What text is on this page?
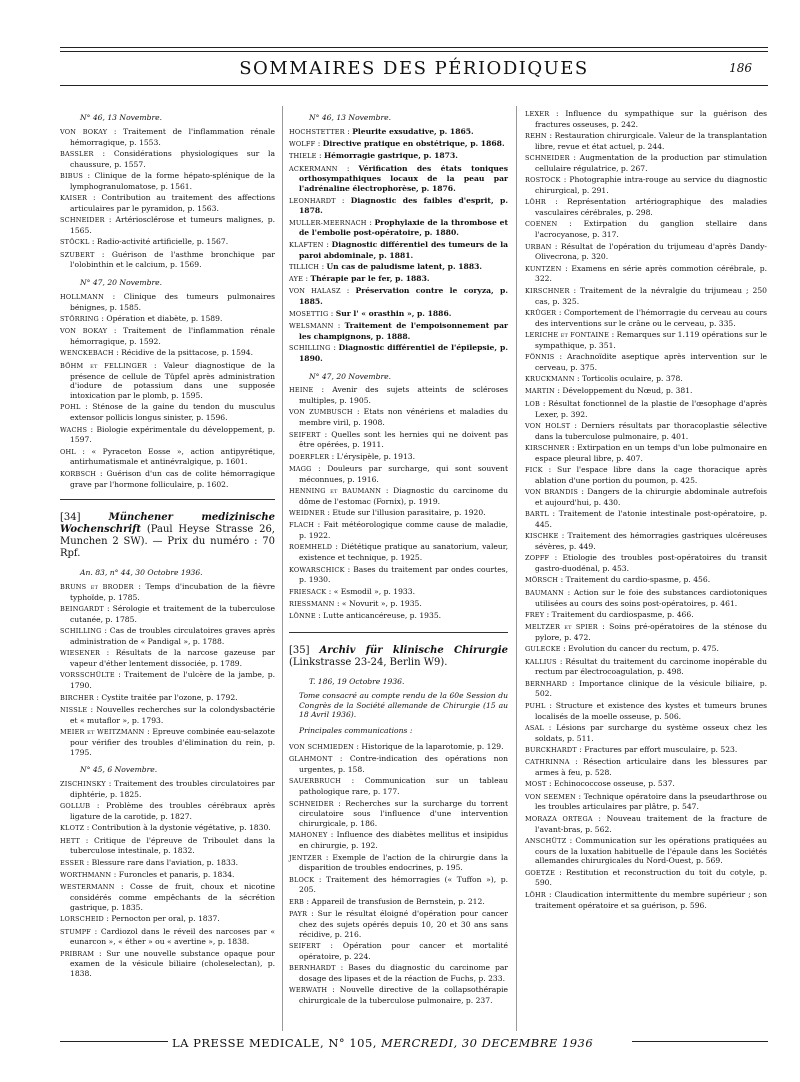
SOMMAIRES DES PÉRIODIQUES	186
N° 46, 13 Novembre.
VON BOKAY : Traitement de l'inflammation rénale hémorragique, p. 1553.
BASSLER : Considérations physiologiques sur la chaussure, p. 1557.
BIBUS : Clinique de la forme hépato-splénique de la lymphogranulomatose, p. 1561.
KAISER : Contribution au traitement des affections articulaires par le pyramidon, p. 1563.
SCHNEIDER : Artériosclérose et tumeurs malignes, p. 1565.
STÖCKL : Radio-activité artificielle, p. 1567.
SZUBERT : Guérison de l'asthme bronchique par l'olobinthin et le calcium, p. 1569.
N° 47, 20 Novembre.
HOLLMANN : Clinique des tumeurs pulmonaires bénignes, p. 1585.
STÖRRING : Opération et diabète, p. 1589.
VON BOKAY : Traitement de l'inflammation rénale hémorragique, p. 1592.
WENCKEBACH : Récidive de la psittacose, p. 1594.
BÖHM et FELLINGER : Valeur diagnostique de la présence de cellule de Tüpfel après administration d'iodure de potassium dans une supposée intoxication par le plomb, p. 1595.
POHL : Sténose de la gaine du tendon du musculus extensor pollicis longus sinister, p. 1596.
WACHS : Biologie expérimentale du développement, p. 1597.
OHL : « Pyraceton Eosse », action antipyrétique, antirhumatismale et antinévralgique, p. 1601.
KORBSCH : Guérison d'un cas de colite hémorragique grave par l'hormone folliculaire, p. 1602.
[34]	Münchener medizinische Wochenschrift (Paul Heyse Strasse 26, Munchen 2 SW). — Prix du numéro : 70 Rpf.
An. 83, n° 44, 30 Octobre 1936.
BRUNS et BRODER : Temps d'incubation de la fièvre typhoïde, p. 1785.
BEINGARDT : Sérologie et traitement de la tuberculose cutanée, p. 1785.
SCHILLING : Cas de troubles circulatoires graves après administration de « Pandigal », p. 1788.
WIESENER : Résultats de la narcose gazeuse par vapeur d'éther lentement dissociée, p. 1789.
VORSSCHÜLTE : Traitement de l'ulcère de la jambe, p. 1790.
BIRCHER : Cystite traitée par l'ozone, p. 1792.
NISSLE : Nouvelles recherches sur la colondysbactérie et « mutaflor », p. 1793.
MEIER et WEITZMANN : Epreuve combinée eau-selazote pour vérifier des troubles d'élimination du rein, p. 1795.
N° 45, 6 Novembre.
ZISCHINSKY : Traitement des troubles circulatoires par diphtérie, p. 1825.
GOLLUB : Problème des troubles cérébraux après ligature de la carotide, p. 1827.
KLOTZ : Contribution à la dystonie végétative, p. 1830.
HETT : Critique de l'épreuve de Triboulet dans la tuberculose intestinale, p. 1832.
ESSER : Blessure rare dans l'aviation, p. 1833.
WORTHMANN : Furoncles et panaris, p. 1834.
WESTERMANN : Cosse de fruit, choux et nicotine considérés comme empêchants de la sécrétion gastrique, p. 1835.
LORSCHEID : Pernocton per oral, p. 1837.
STUMPF : Cardiozol dans le réveil des narcoses par « eunarcon », « éther » ou « avertine », p. 1838.
PRIBRAM : Sur une nouvelle substance opaque pour examen de la vésicule biliaire (choleselectan), p. 1838.
N° 46, 13 Novembre.
HOCHSTETTER : Pleurite exsudative, p. 1865.
WOLFF : Directive pratique en obstétrique, p. 1868.
THIELE : Hémorragie gastrique, p. 1873.
ACKERMANN : Vérification des états toniques orthosympathiques locaux de la peau par l'adrénaline électrophorèse, p. 1876.
LEONHARDT : Diagnostic des faibles d'esprit, p. 1878.
MULLER-MEERNACH : Prophylaxie de la thrombose et de l'embolie post-opératoire, p. 1880.
KLAFTEN : Diagnostic différentiel des tumeurs de la paroi abdominale, p. 1881.
TILLICH : Un cas de paludisme latent, p. 1883.
AYE : Thérapie par le fer, p. 1883.
VON HALASZ : Préservation contre le coryza, p. 1885.
MOSETTIG : Sur l' « orasthin », p. 1886.
WELSMANN : Traitement de l'empoisonnement par les champignons, p. 1888.
SCHILLING : Diagnostic différentiel de l'épilepsie, p. 1890.
N° 47, 20 Novembre.
HEINE : Avenir des sujets atteints de scléroses multiples, p. 1905.
VON ZUMBUSCH : Etats non vénériens et maladies du membre viril, p. 1908.
SEIFERT : Quelles sont les hernies qui ne doivent pas être opérées, p. 1911.
DOERFLER : L'érysipèle, p. 1913.
MAGG : Douleurs par surcharge, qui sont souvent méconnues, p. 1916.
HENNING et BAUMANN : Diagnostic du carcinome du dôme de l'estomac (Fornix), p. 1919.
WEIDNER : Etude sur l'illusion parasitaire, p. 1920.
FLACH : Fait météorologique comme cause de maladie, p. 1922.
ROEMHELD : Diététique pratique au sanatorium, valeur, existence et technique, p. 1925.
KOWARSCHICK : Bases du traitement par ondes courtes, p. 1930.
FRIESACK : « Esmodil », p. 1933.
RIESSMANN : « Novurit », p. 1935.
LÖNNE : Lutte anticancéreuse, p. 1935.
[35] Archiv für klinische Chirurgie (Linkstrasse 23-24, Berlin W9).
T. 186, 19 Octobre 1936.
Tome consacré au compte rendu de la 60e Session du Congrès de la Société allemande de Chirurgie (15 au 18 Avril 1936).
Principales communications :
VON SCHMIEDEN : Historique de la laparotomie, p. 129.
GLAHMONT : Contre-indication des opérations non urgentes, p. 158.
SAUERBRUCH : Communication sur un tableau pathologique rare, p. 177.
SCHNEIDER : Recherches sur la surcharge du torrent circulatoire sous l'influence d'une intervention chirurgicale, p. 186.
MAHONEY : Influence des diabètes mellitus et insipidus en chirurgie, p. 192.
JENTZER : Exemple de l'action de la chirurgie dans la disparition de troubles endocrines, p. 195.
BLOCK : Traitement des hémorragies (« Tuffon »), p. 205.
ERB : Appareil de transfusion de Bernstein, p. 212.
PAYR : Sur le résultat éloigné d'opération pour cancer chez des sujets opérés depuis 10, 20 et 30 ans sans récidive, p. 216.
SEIFERT : Opération pour cancer et mortalité opératoire, p. 224.
BERNHARDT : Bases du diagnostic du carcinome par dosage des lipases et de la réaction de Fuchs, p. 233.
WERWATH : Nouvelle directive de la collapsothérapie chirurgicale de la tuberculose pulmonaire, p. 237.
LEXER : Influence du sympathique sur la guérison des fractures osseuses, p. 242.
REHN : Restauration chirurgicale. Valeur de la transplantation libre, revue et état actuel, p. 244.
SCHNEIDER : Augmentation de la production par stimulation cellulaire régulatrice, p. 267.
ROSTOCK : Photographie intra-rouge au service du diagnostic chirurgical, p. 291.
LÖHR : Représentation artériographique des maladies vasculaires cérébrales, p. 298.
COENEN : Extirpation du ganglion stellaire dans l'acrocyanose, p. 317.
URBAN : Résultat de l'opération du trijumeau d'après Dandy-Olivecrona, p. 320.
KUNTZEN : Examens en série après commotion cérébrale, p. 322.
KIRSCHNER : Traitement de la névralgie du trijumeau ; 250 cas, p. 325.
KRÜGER : Comportement de l'hémorragie du cerveau au cours des interventions sur le crâne ou le cerveau, p. 335.
LERICHE et FONTAINE : Remarques sur 1.119 opérations sur le sympathique, p. 351.
FÖNNIS : Arachnoïdite aseptique après intervention sur le cerveau, p. 375.
KRUCKMANN : Torticolis oculaire, p. 378.
MARTIN : Développement du Nœud, p. 381.
LOB : Résultat fonctionnel de la plastie de l'œsophage d'après Lexer, p. 392.
VON HOLST : Derniers résultats par thoracoplastie sélective dans la tuberculose pulmonaire, p. 401.
KIRSCHNER : Extirpation en un temps d'un lobe pulmonaire en espace pleural libre, p. 407.
FICK : Sur l'espace libre dans la cage thoracique après ablation d'une portion du poumon, p. 425.
VON BRANDIS : Dangers de la chirurgie abdominale autrefois et aujourd'hui, p. 430.
BARTL : Traitement de l'atonie intestinale post-opératoire, p. 445.
KISCHKE : Traitement des hémorragies gastriques ulcéreuses sévères, p. 449.
ZOPFF : Etiologie des troubles post-opératoires du transit gastro-duodénal, p. 453.
MÖRSCH : Traitement du cardio-spasme, p. 456.
BAUMANN : Action sur le foie des substances cardiotoniques utilisées au cours des soins post-opératoires, p. 461.
FREY : Traitement du cardiospasme, p. 466.
MELTZER et SPIER : Soins pré-opératoires de la sténose du pylore, p. 472.
GULECKE : Evolution du cancer du rectum, p. 475.
KALLIUS : Résultat du traitement du carcinome inopérable du rectum par électrocoagulation, p. 498.
BERNHARD : Importance clinique de la vésicule biliaire, p. 502.
PUHL : Structure et existence des kystes et tumeurs brunes localisés de la moelle osseuse, p. 506.
ASAL : Lésions par surcharge du système osseux chez les soldats, p. 511.
BURCKHARDT : Fractures par effort musculaire, p. 523.
CATHRINNA : Résection articulaire dans les blessures par armes à feu, p. 528.
MOST : Echinococcose osseuse, p. 537.
VON SEEMEN : Technique opératoire dans la pseudarthrose ou les troubles articulaires par plâtre, p. 547.
MORAZA ORTEGA : Nouveau traitement de la fracture de l'avant-bras, p. 562.
ANSCHÜTZ : Communication sur les opérations pratiquées au cours de la luxation habituelle de l'épaule dans les Sociétés allemandes chirurgicales du Nord-Ouest, p. 569.
GOETZE : Restitution et reconstruction du toit du cotyle, p. 590.
LÖHR : Claudication intermittente du membre supérieur ; son traitement opératoire et sa guérison, p. 596.
LA PRESSE MEDICALE, N° 105, MERCREDI, 30 DECEMBRE 1936
